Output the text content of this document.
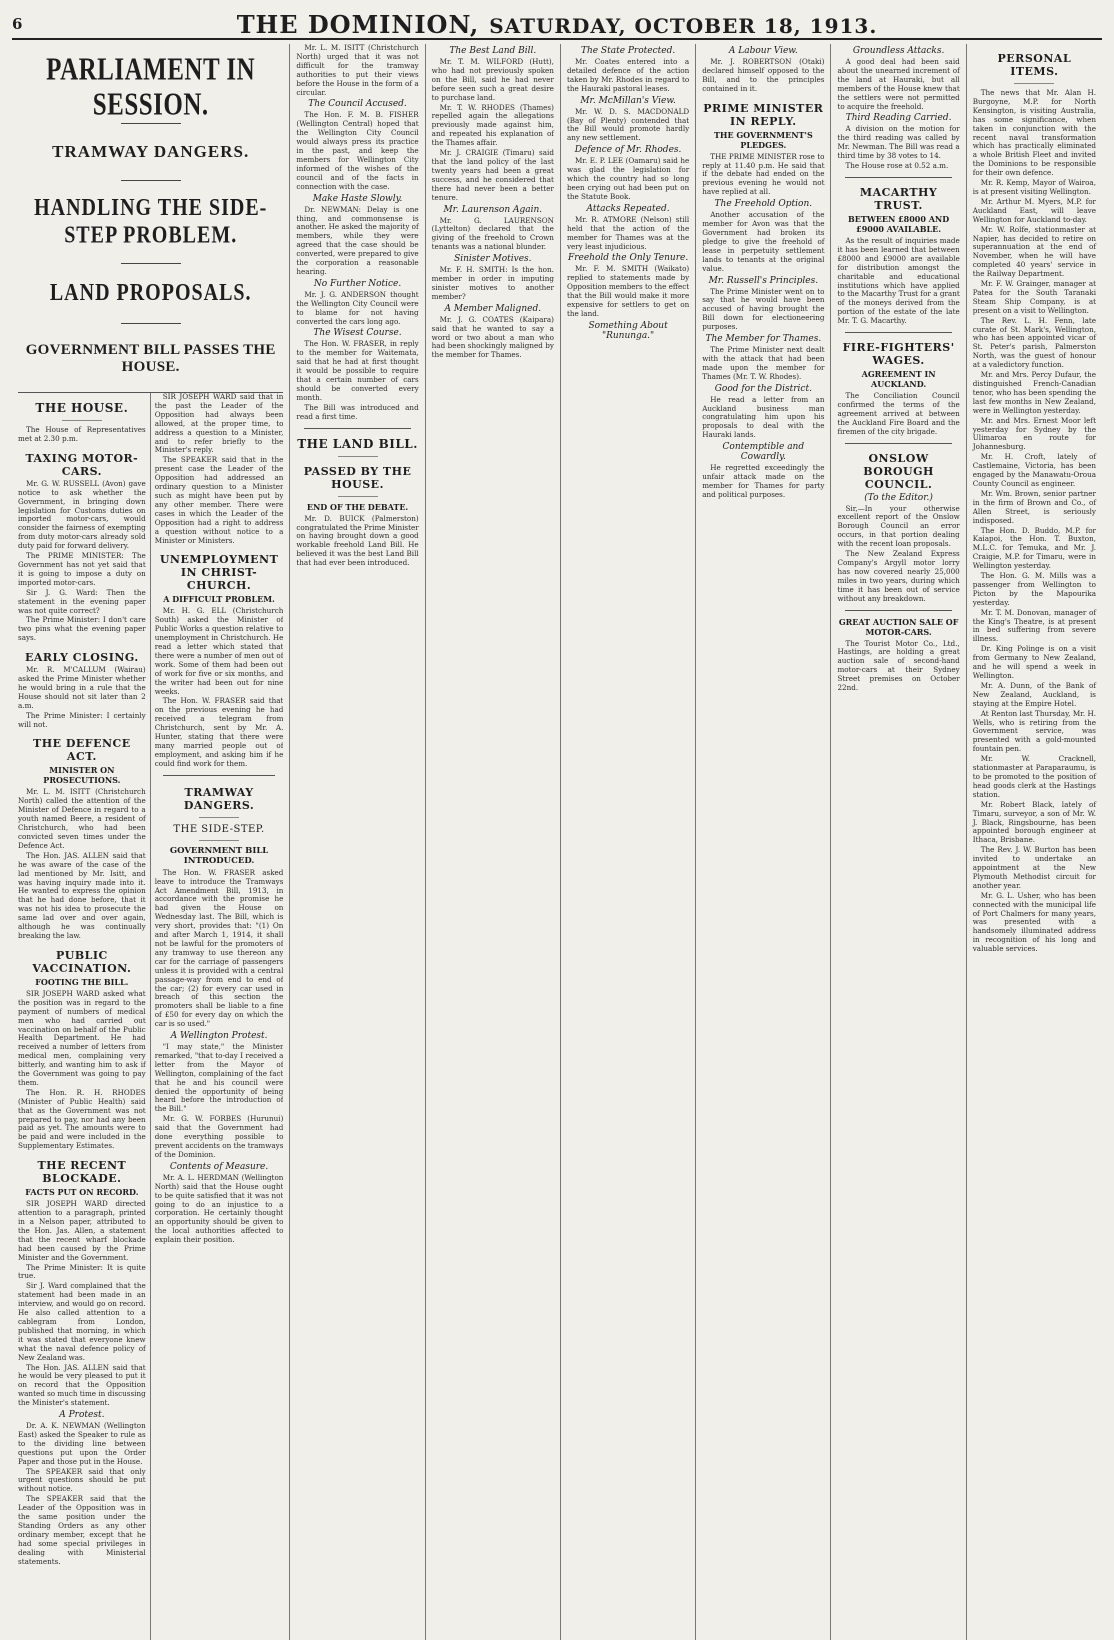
6	THE DOMINION, SATURDAY, OCTOBER 18, 1913.
PARLIAMENT IN SESSION.
TRAMWAY DANGERS.
HANDLING THE SIDE-STEP PROBLEM.
LAND PROPOSALS.
GOVERNMENT BILL PASSES THE HOUSE.
THE HOUSE.

The House of Representatives met at 2.30 p.m.

TAXING MOTOR-CARS.

Mr. G. W. RUSSELL (Avon) gave notice to ask whether the Government, in bringing down legislation for Customs duties on imported motor-cars, would consider the fairness of exempting from duty motor-cars already sold duty paid for forward delivery.

The PRIME MINISTER: The Government has not yet said that it is going to impose a duty on imported motor-cars.

Sir J. G. Ward: Then the statement in the evening paper was not quite correct?

The Prime Minister: I don't care two pins what the evening paper says.

EARLY CLOSING.

Mr. R. M'CALLUM (Wairau) asked the Prime Minister whether he would bring in a rule that the House should not sit later than 2 a.m.

The Prime Minister: I certainly will not.

THE DEFENCE ACT.
MINISTER ON PROSECUTIONS.

Mr. L. M. ISITT (Christchurch North) called the attention of the Minister of Defence in regard to a youth named Beere, a resident of Christchurch, who had been convicted seven times under the Defence Act.

The Hon. JAS. ALLEN said that he was aware of the case of the lad mentioned by Mr. Isitt, and was having inquiry made into it. He wanted to express the opinion that he had done before, that it was not his idea to prosecute the same lad over and over again, although he was continually breaking the law.

PUBLIC VACCINATION.
FOOTING THE BILL.

SIR JOSEPH WARD asked what the position was in regard to the payment of numbers of medical men who had carried out vaccination on behalf of the Public Health Department. He had received a number of letters from medical men, complaining very bitterly, and wanting him to ask if the Government was going to pay them.

The Hon. R. H. RHODES (Minister of Public Health) said that as the Government was not prepared to pay, nor had any been paid as yet. The amounts were to be paid and were included in the Supplementary Estimates.

THE RECENT BLOCKADE.
FACTS PUT ON RECORD.

SIR JOSEPH WARD directed attention to a paragraph, printed in a Nelson paper, attributed to the Hon. Jas. Allen, a statement that the recent wharf blockade had been caused by the Prime Minister and the Government.

The Prime Minister: It is quite true.

Sir J. Ward complained that the statement had been made in an interview, and would go on record. He also called attention to a cablegram from London, published that morning, in which it was stated that everyone knew what the naval defence policy of New Zealand was.

The Hon. JAS. ALLEN said that he would be very pleased to put it on record that the Opposition wanted so much time in discussing the Minister's statement.

A Protest.

Dr. A. K. NEWMAN (Wellington East) asked the Speaker to rule as to the dividing line between questions put upon the Order Paper and those put in the House.

The SPEAKER said that only urgent questions should be put without notice.

The SPEAKER said that the Leader of the Opposition was in the same position under the Standing Orders as any other ordinary member, except that he had some special privileges in dealing with Ministerial statements.

SIR JOSEPH WARD said that in the past the Leader of the Opposition had always been allowed, at the proper time, to address a question to a Minister, and to refer briefly to the Minister's reply.

The SPEAKER said that in the present case the Leader of the Opposition had addressed an ordinary question to a Minister such as might have been put by any other member. There were cases in which the Leader of the Opposition had a right to address a question without notice to a Minister or Ministers.

UNEMPLOYMENT IN CHRIST-CHURCH.
A DIFFICULT PROBLEM.

Mr. H. G. ELL (Christchurch South) asked the Minister of Public Works a question relative to unemployment in Christchurch. He read a letter which stated that there were a number of men out of work. Some of them had been out of work for five or six months, and the writer had been out for nine weeks.

The Hon. W. FRASER said that on the previous evening he had received a telegram from Christchurch, sent by Mr. A. Hunter, stating that there were many married people out of employment, and asking him if he could find work for them.

TRAMWAY DANGERS.
THE SIDE-STEP.
GOVERNMENT BILL INTRODUCED.

The Hon. W. FRASER asked leave to introduce the Tramways Act Amendment Bill, 1913, in accordance with the promise he had given the House on Wednesday last. The Bill, which is very short, provides that: "(1) On and after March 1, 1914, it shall not be lawful for the promoters of any tramway to use thereon any car for the carriage of passengers unless it is provided with a central passage-way from end to end of the car; (2) for every car used in breach of this section the promoters shall be liable to a fine of £50 for every day on which the car is so used."

A Wellington Protest.

"I may state," the Minister remarked, "that to-day I received a letter from the Mayor of Wellington, complaining of the fact that he and his council were denied the opportunity of being heard before the introduction of the Bill."

Mr. G. W. FORBES (Hurunui) said that the Government had done everything possible to prevent accidents on the tramways of the Dominion.

Contents of Measure.

Mr. A. L. HERDMAN (Wellington North) said that the House ought to be quite satisfied that it was not going to do an injustice to a corporation. He certainly thought an opportunity should be given to the local authorities affected to explain their position.

Mr. L. M. ISITT (Christchurch North) urged that it was not difficult for the tramway authorities to put their views before the House in the form of a circular.

The Council Accused.

The Hon. F. M. B. FISHER (Wellington Central) hoped that the Wellington City Council would always press its practice in the past, and keep the members for Wellington City informed of the wishes of the council and of the facts in connection with the case.

Make Haste Slowly.

Dr. NEWMAN: Delay is one thing, and commonsense is another. He asked the majority of members, while they were agreed that the case should be converted, were prepared to give the corporation a reasonable hearing.

No Further Notice.

Mr. J. G. ANDERSON thought the Wellington City Council were to blame for not having converted the cars long ago.

The Wisest Course.

The Hon. W. FRASER, in reply to the member for Waitemata, said that he had at first thought it would be possible to require that a certain number of cars should be converted every month.

The Bill was introduced and read a first time.

THE LAND BILL.
PASSED BY THE HOUSE.
END OF THE DEBATE.

Mr. D. BUICK (Palmerston) congratulated the Prime Minister on having brought down a good workable freehold Land Bill. He believed it was the best Land Bill that had ever been introduced.

The Best Land Bill.

Mr. T. M. WILFORD (Hutt), who had not previously spoken on the Bill, said he had never before seen such a great desire to purchase land.

Mr. T. W. RHODES (Thames) repelled again the allegations previously made against him, and repeated his explanation of the Thames affair.

Mr. J. CRAIGIE (Timaru) said that the land policy of the last twenty years had been a great success, and he considered that there had never been a better tenure.

Mr. Laurenson Again.

Mr. G. LAURENSON (Lyttelton) declared that the giving of the freehold to Crown tenants was a national blunder.

Sinister Motives.

Mr. F. H. SMITH: Is the hon. member in order in imputing sinister motives to another member?

A Member Maligned.

Mr. J. G. COATES (Kaipara) said that he wanted to say a word or two about a man who had been shockingly maligned by the member for Thames.

The State Protected.

Mr. Coates entered into a detailed defence of the action taken by Mr. Rhodes in regard to the Hauraki pastoral leases.

Mr. McMillan's View.

Mr. W. D. S. MACDONALD (Bay of Plenty) contended that the Bill would promote hardly any new settlement.

Defence of Mr. Rhodes.

Mr. E. P. LEE (Oamaru) said he was glad the legislation for which the country had so long been crying out had been put on the Statute Book.

Attacks Repeated.

Mr. R. ATMORE (Nelson) still held that the action of the member for Thames was at the very least injudicious.

Freehold the Only Tenure.

Mr. F. M. SMITH (Waikato) replied to statements made by Opposition members to the effect that the Bill would make it more expensive for settlers to get on the land.

Something About "Rununga."
A Labour View.

Mr. J. ROBERTSON (Otaki) declared himself opposed to the Bill, and to the principles contained in it.

PRIME MINISTER IN REPLY.
THE GOVERNMENT'S PLEDGES.

THE PRIME MINISTER rose to reply at 11.40 p.m. He said that if the debate had ended on the previous evening he would not have replied at all.

The Freehold Option.

Another accusation of the member for Avon was that the Government had broken its pledge to give the freehold of lease in perpetuity settlement lands to tenants at the original value.

Mr. Russell's Principles.

The Prime Minister went on to say that he would have been accused of having brought the Bill down for electioneering purposes.

The Member for Thames.

The Prime Minister next dealt with the attack that had been made upon the member for Thames (Mr. T. W. Rhodes).

Good for the District.

He read a letter from an Auckland business man congratulating him upon his proposals to deal with the Hauraki lands.

Contemptible and Cowardly.

He regretted exceedingly the unfair attack made on the member for Thames for party and political purposes.

Groundless Attacks.

A good deal had been said about the unearned increment of the land at Hauraki, but all members of the House knew that the settlers were not permitted to acquire the freehold.

Third Reading Carried.

A division on the motion for the third reading was called by Mr. Newman. The Bill was read a third time by 38 votes to 14.

The House rose at 0.52 a.m.

MACARTHY TRUST.
BETWEEN £8000 AND £9000 AVAILABLE.

As the result of inquiries made it has been learned that between £8000 and £9000 are available for distribution amongst the charitable and educational institutions which have applied to the Macarthy Trust for a grant of the moneys derived from the portion of the estate of the late Mr. T. G. Macarthy.

FIRE-FIGHTERS' WAGES.
AGREEMENT IN AUCKLAND.

The Conciliation Council confirmed the terms of the agreement arrived at between the Auckland Fire Board and the firemen of the city brigade.

ONSLOW BOROUGH COUNCIL.
(To the Editor.)

Sir,—In your otherwise excellent report of the Onslow Borough Council an error occurs, in that portion dealing with the recent loan proposals.

The New Zealand Express Company's Argyll motor lorry has now covered nearly 25,000 miles in two years, during which time it has been out of service without any breakdown.

GREAT AUCTION SALE OF MOTOR-CARS.

The Tourist Motor Co., Ltd., Hastings, are holding a great auction sale of second-hand motor-cars at their Sydney Street premises on October 22nd.

PERSONAL ITEMS.

The news that Mr. Alan H. Burgoyne, M.P. for North Kensington, is visiting Australia, has some significance, when taken in conjunction with the recent naval transformation which has practically eliminated a whole British Fleet and invited the Dominions to be responsible for their own defence.

Mr. R. Kemp, Mayor of Wairoa, is at present visiting Wellington.

Mr. Arthur M. Myers, M.P. for Auckland East, will leave Wellington for Auckland to-day.

Mr. W. Rolfe, stationmaster at Napier, has decided to retire on superannuation at the end of November, when he will have completed 40 years' service in the Railway Department.

Mr. F. W. Grainger, manager at Patea for the South Taranaki Steam Ship Company, is at present on a visit to Wellington.

The Rev. L. H. Fenn, late curate of St. Mark's, Wellington, who has been appointed vicar of St. Peter's parish, Palmerston North, was the guest of honour at a valedictory function.

Mr. and Mrs. Percy Dufaur, the distinguished French-Canadian tenor, who has been spending the last few months in New Zealand, were in Wellington yesterday.

Mr. and Mrs. Ernest Moor left yesterday for Sydney by the Ulimaroa en route for Johannesburg.

Mr. H. Croft, lately of Castlemaine, Victoria, has been engaged by the Manawatu-Oroua County Council as engineer.

Mr. Wm. Brown, senior partner in the firm of Brown and Co., of Allen Street, is seriously indisposed.

The Hon. D. Buddo, M.P. for Kaiapoi, the Hon. T. Buxton, M.L.C. for Temuka, and Mr. J. Craigie, M.P. for Timaru, were in Wellington yesterday.

The Hon. G. M. Mills was a passenger from Wellington to Picton by the Mapourika yesterday.

Mr. T. M. Donovan, manager of the King's Theatre, is at present in bed suffering from severe illness.

Dr. King Polinge is on a visit from Germany to New Zealand, and he will spend a week in Wellington.

Mr. A. Dunn, of the Bank of New Zealand, Auckland, is staying at the Empire Hotel.

At Renton last Thursday, Mr. H. Wells, who is retiring from the Government service, was presented with a gold-mounted fountain pen.

Mr. W. Cracknell, stationmaster at Paraparaumu, is to be promoted to the position of head goods clerk at the Hastings station.

Mr. Robert Black, lately of Timaru, surveyor, a son of Mr. W. J. Black, Ringsbourne, has been appointed borough engineer at Ithaca, Brisbane.

The Rev. J. W. Burton has been invited to undertake an appointment at the New Plymouth Methodist circuit for another year.

Mr. G. L. Usher, who has been connected with the municipal life of Port Chalmers for many years, was presented with a handsomely illuminated address in recognition of his long and valuable services.
